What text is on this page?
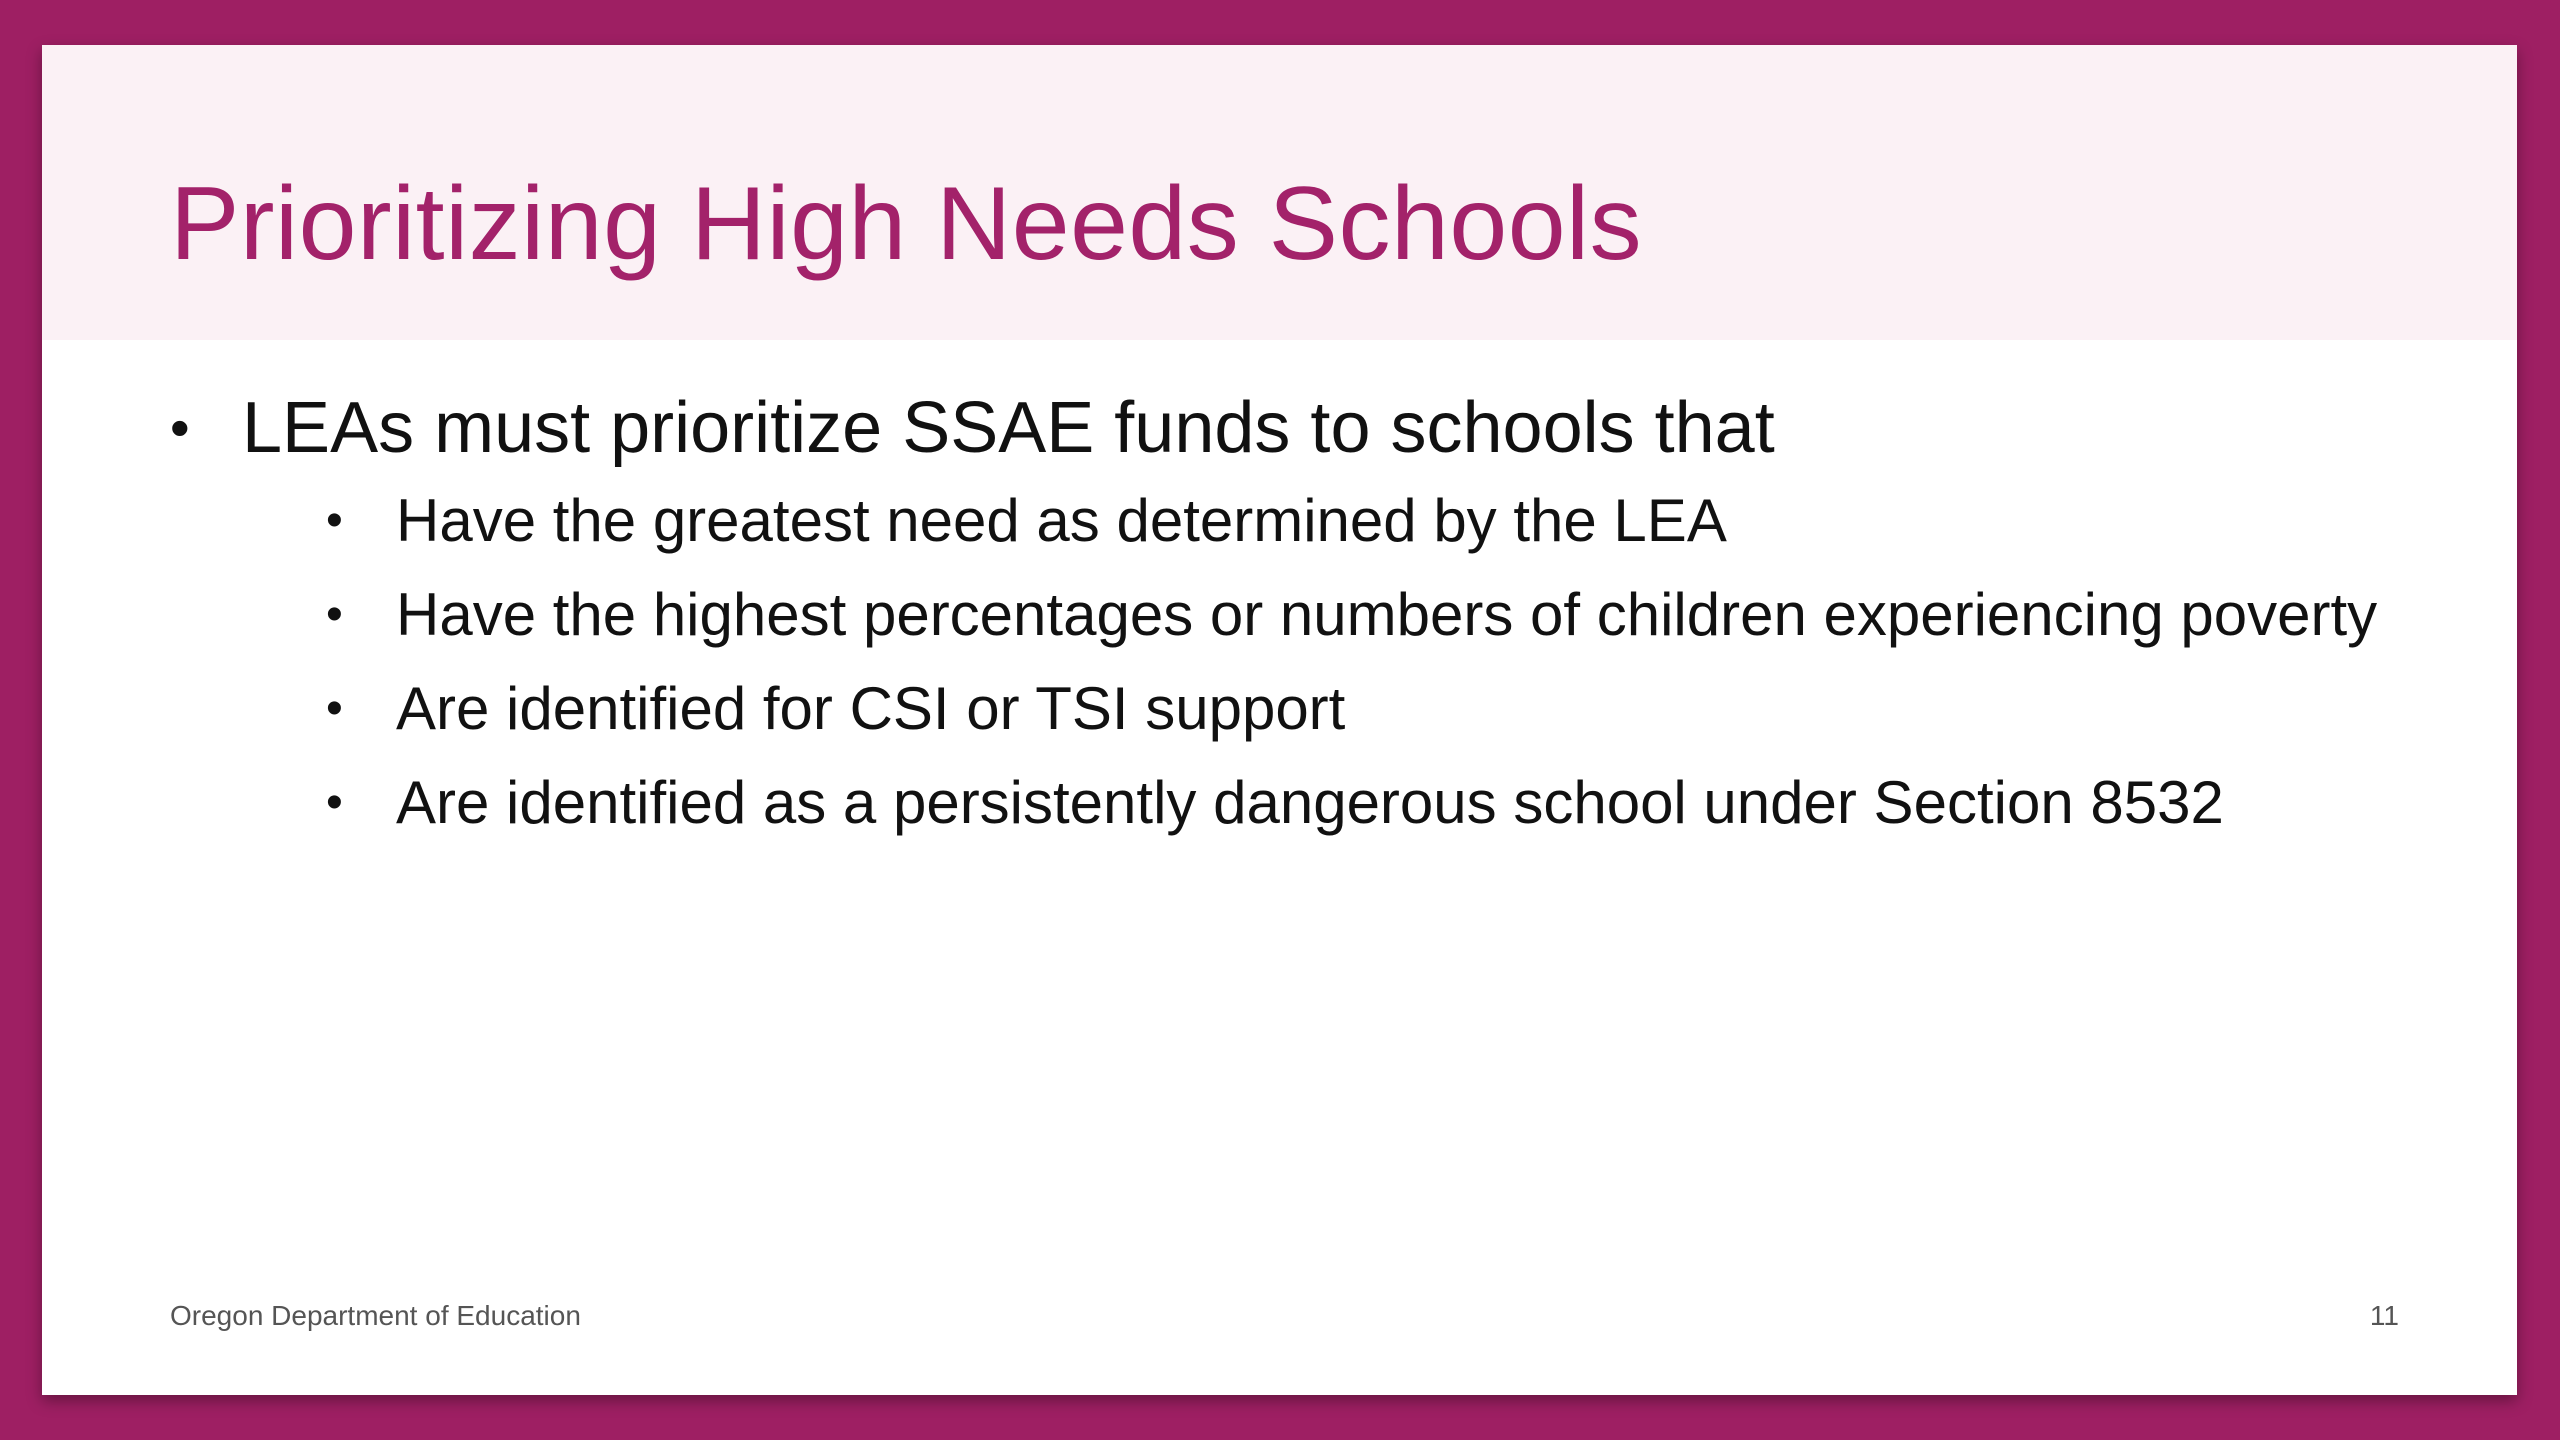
Prioritizing High Needs Schools
• LEAs must prioritize SSAE funds to schools that
• Have the greatest need as determined by the LEA
• Have the highest percentages or numbers of children experiencing poverty
• Are identified for CSI or TSI support
• Are identified as a persistently dangerous school under Section 8532
Oregon Department of Education	11
